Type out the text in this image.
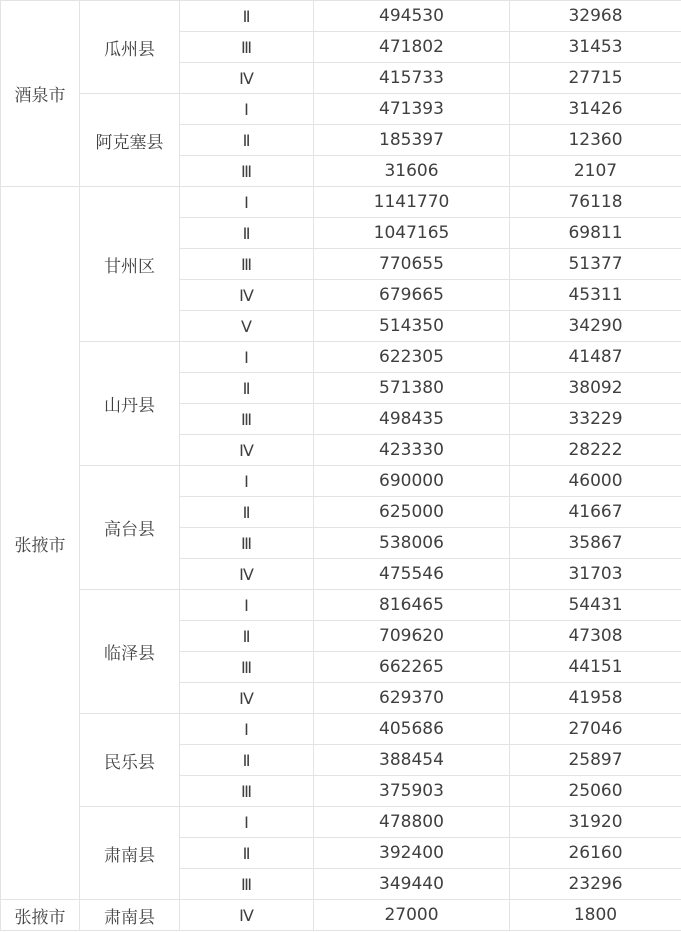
酒泉市	瓜州县	Ⅱ	494530	32968
		Ⅲ	471802	31453
		Ⅳ	415733	27715
	阿克塞县	Ⅰ	471393	31426
		Ⅱ	185397	12360
		Ⅲ	31606	2107
张掖市	甘州区	Ⅰ	1141770	76118
		Ⅱ	1047165	69811
		Ⅲ	770655	51377
		Ⅳ	679665	45311
		Ⅴ	514350	34290
	山丹县	Ⅰ	622305	41487
		Ⅱ	571380	38092
		Ⅲ	498435	33229
		Ⅳ	423330	28222
	高台县	Ⅰ	690000	46000
		Ⅱ	625000	41667
		Ⅲ	538006	35867
		Ⅳ	475546	31703
	临泽县	Ⅰ	816465	54431
		Ⅱ	709620	47308
		Ⅲ	662265	44151
		Ⅳ	629370	41958
	民乐县	Ⅰ	405686	27046
		Ⅱ	388454	25897
		Ⅲ	375903	25060
	肃南县	Ⅰ	478800	31920
		Ⅱ	392400	26160
		Ⅲ	349440	23296
张掖市	肃南县	Ⅳ	27000	1800
